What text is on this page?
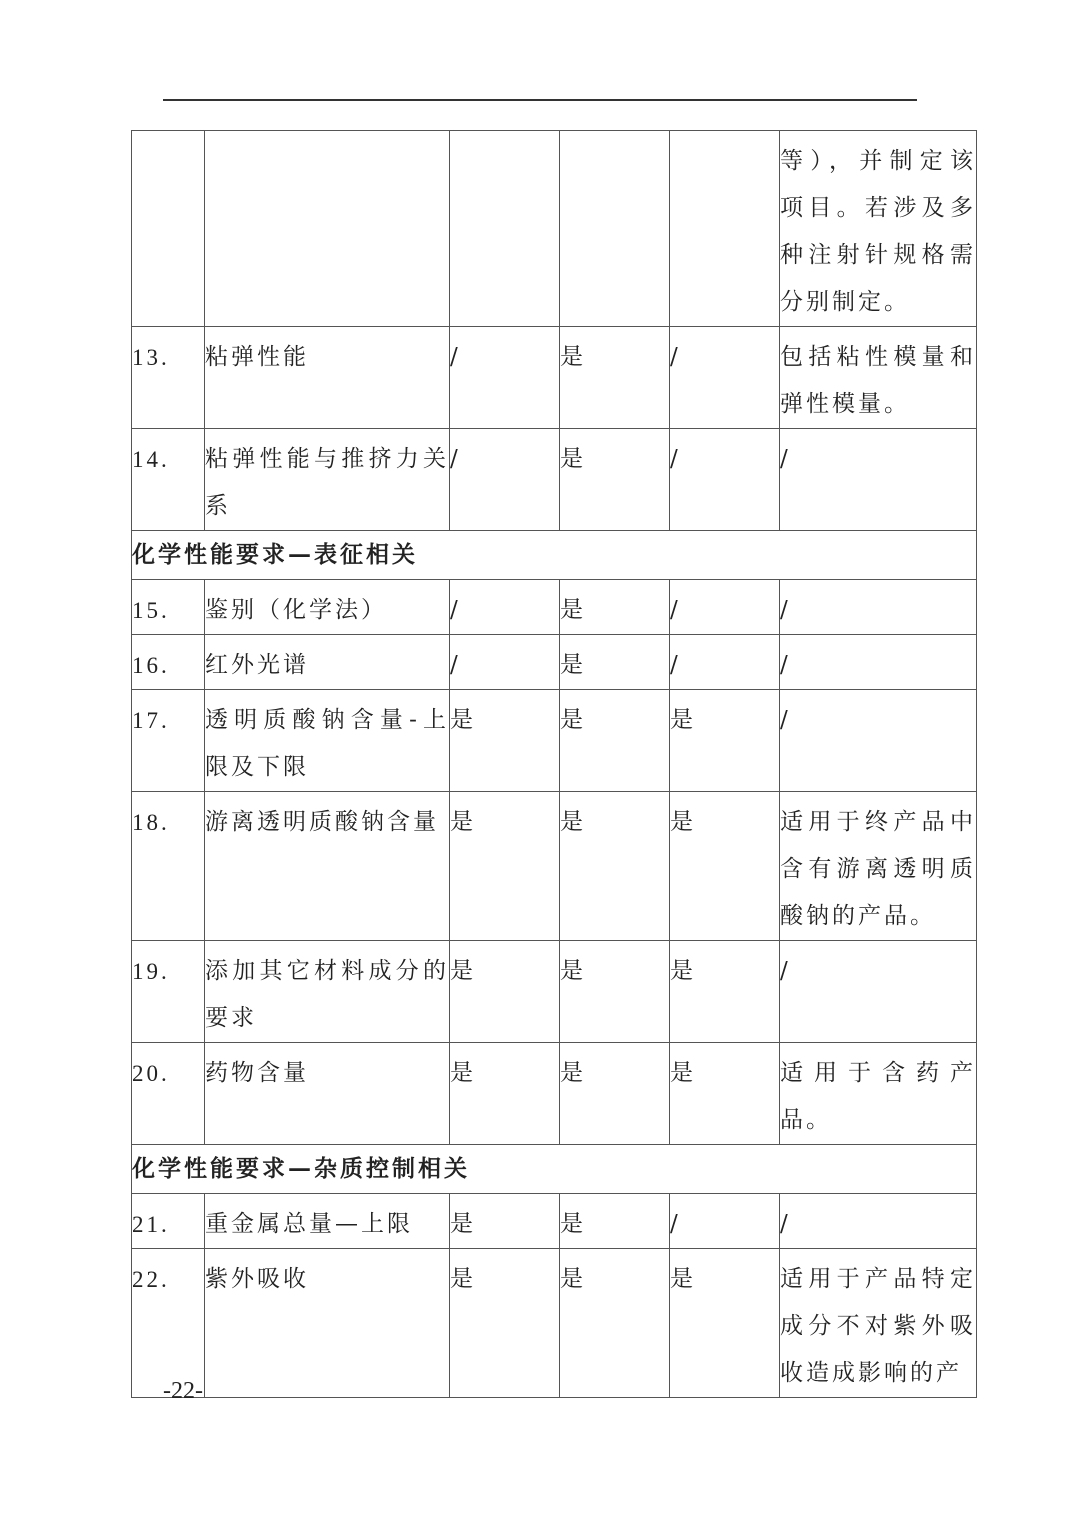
					等），并制定该项目。若涉及多种注射针规格需分别制定。

13.	粘弹性能	/	是	/	包括粘性模量和弹性模量。

14.	粘弹性能与推挤力关系	/	是	/	/

化学性能要求—表征相关					

15.	鉴别（化学法）	/	是	/	/

16.	红外光谱	/	是	/	/

17.	透明质酸钠含量-上限及下限	是	是	是	/

18.	游离透明质酸钠含量	是	是	是	适用于终产品中含有游离透明质酸钠的产品。

19.	添加其它材料成分的要求	是	是	是	/

20.	药物含量	是	是	是	适用于含药产品。

化学性能要求—杂质控制相关					

21.	重金属总量—上限	是	是	/	/

22.	紫外吸收	是	是	是	适用于产品特定成分不对紫外吸收造成影响的产
-22-
